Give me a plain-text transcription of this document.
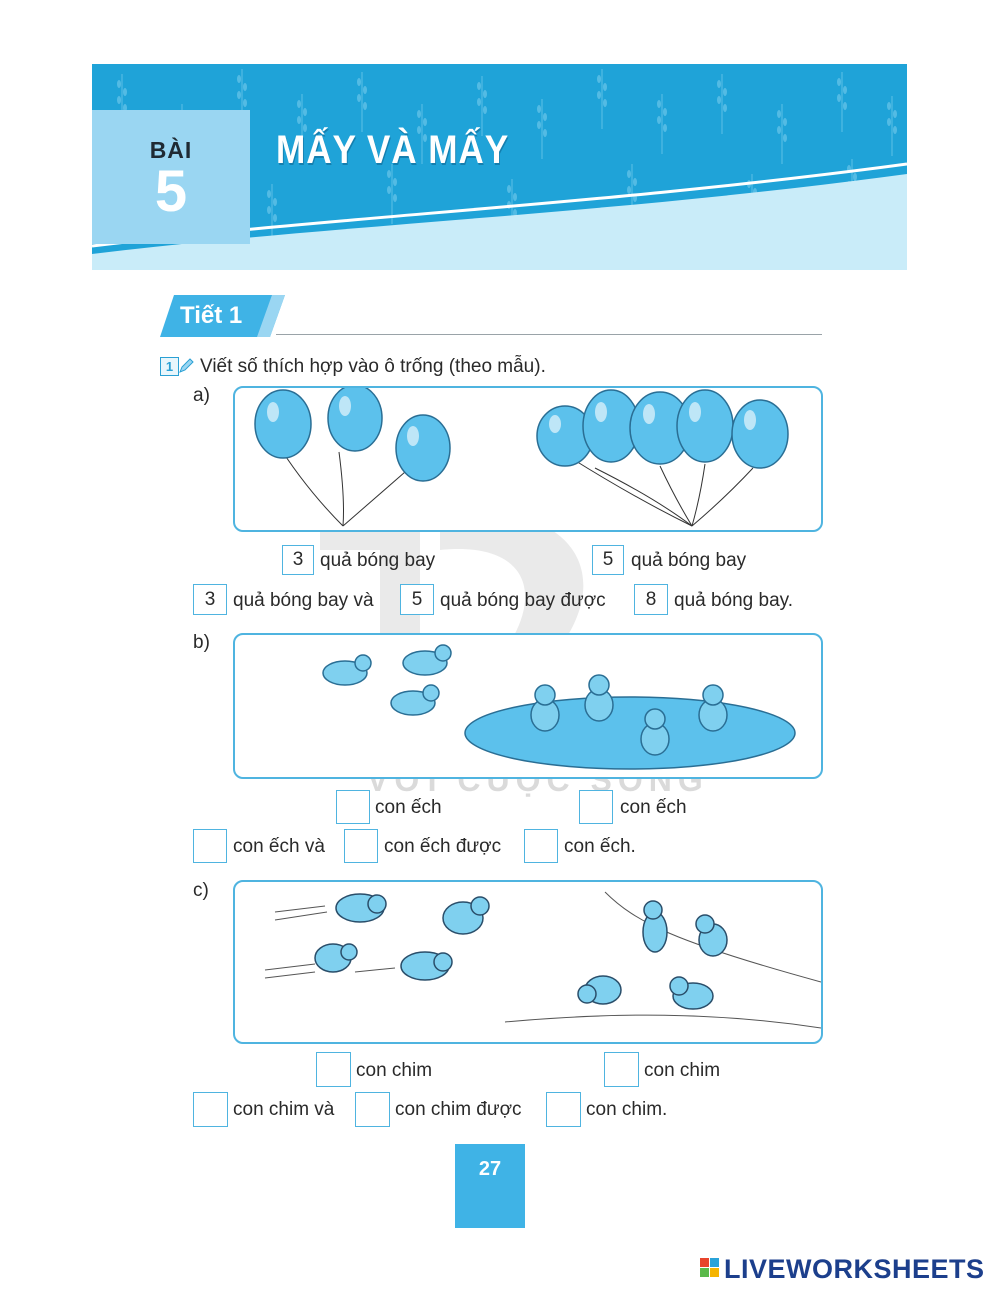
BÀI
5
MẤY VÀ MẤY
Tiết 1
1	Viết số thích hợp vào ô trống (theo mẫu).
a)
3 quả bóng bay	5 quả bóng bay
3 quả bóng bay và	5 quả bóng bay được	8 quả bóng bay.
b)
con ếch	con ếch
con ếch và	con ếch được	con ếch.
c)
con chim	con chim
con chim và	con chim được	con chim.
27
LIVEWORKSHEETS
